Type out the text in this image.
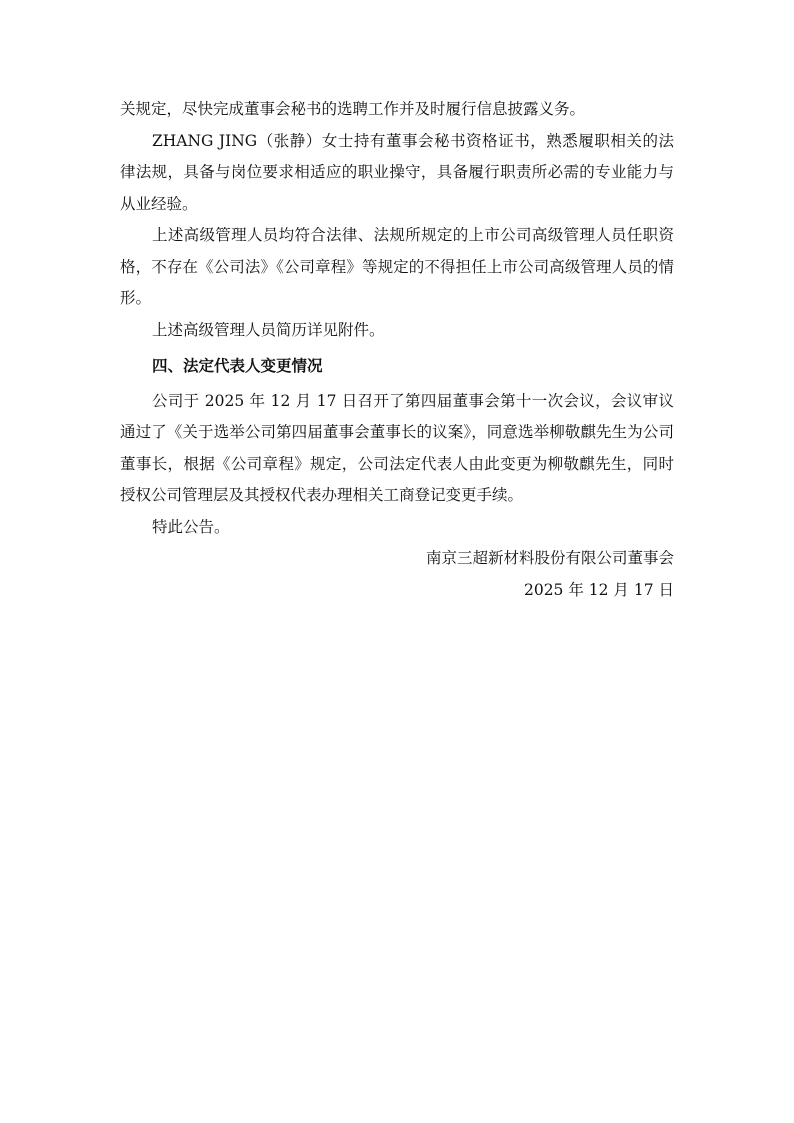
关规定，尽快完成董事会秘书的选聘工作并及时履行信息披露义务。

ZHANG JING（张静）女士持有董事会秘书资格证书，熟悉履职相关的法律法规，具备与岗位要求相适应的职业操守，具备履行职责所必需的专业能力与从业经验。

上述高级管理人员均符合法律、法规所规定的上市公司高级管理人员任职资格，不存在《公司法》《公司章程》等规定的不得担任上市公司高级管理人员的情形。

上述高级管理人员简历详见附件。

四、法定代表人变更情况

公司于 2025 年 12 月 17 日召开了第四届董事会第十一次会议，会议审议通过了《关于选举公司第四届董事会董事长的议案》，同意选举柳敬麒先生为公司董事长，根据《公司章程》规定，公司法定代表人由此变更为柳敬麒先生，同时授权公司管理层及其授权代表办理相关工商登记变更手续。

特此公告。

南京三超新材料股份有限公司董事会

2025 年 12 月 17 日
